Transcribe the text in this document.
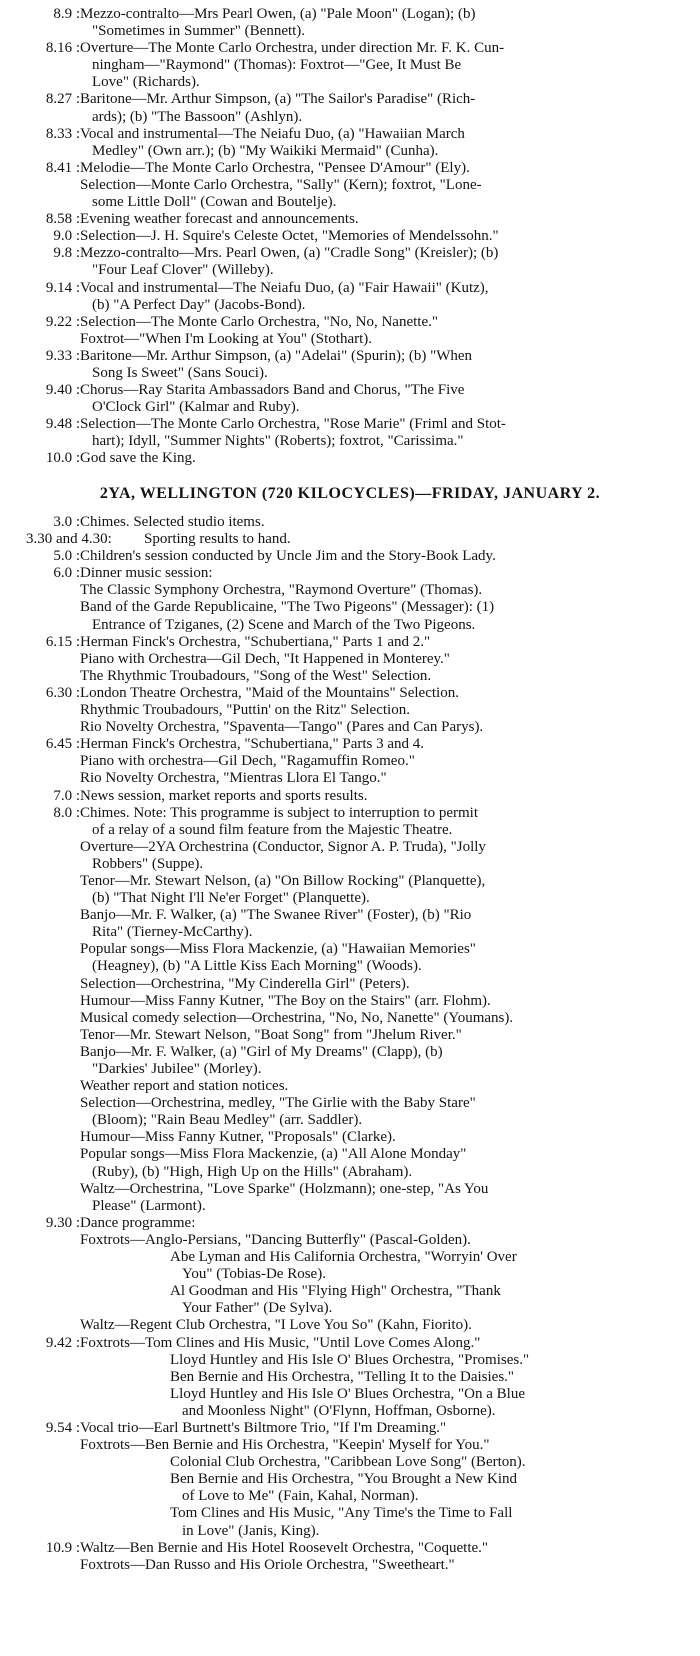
8.9 : Mezzo-contralto—Mrs Pearl Owen, (a) "Pale Moon" (Logan); (b)
"Sometimes in Summer" (Bennett).
8.16 : Overture—The Monte Carlo Orchestra, under direction Mr. F. K. Cun-
ningham—"Raymond" (Thomas): Foxtrot—"Gee, It Must Be
Love" (Richards).
8.27 : Baritone—Mr. Arthur Simpson, (a) "The Sailor's Paradise" (Rich-
ards); (b) "The Bassoon" (Ashlyn).
8.33 : Vocal and instrumental—The Neiafu Duo, (a) "Hawaiian March
Medley" (Own arr.); (b) "My Waikiki Mermaid" (Cunha).
8.41 : Melodie—The Monte Carlo Orchestra, "Pensee D'Amour" (Ely).
Selection—Monte Carlo Orchestra, "Sally" (Kern); foxtrot, "Lone-
some Little Doll" (Cowan and Boutelje).
8.58 : Evening weather forecast and announcements.
9.0 : Selection—J. H. Squire's Celeste Octet, "Memories of Mendelssohn."
9.8 : Mezzo-contralto—Mrs. Pearl Owen, (a) "Cradle Song" (Kreisler); (b)
"Four Leaf Clover" (Willeby).
9.14 : Vocal and instrumental—The Neiafu Duo, (a) "Fair Hawaii" (Kutz),
(b) "A Perfect Day" (Jacobs-Bond).
9.22 : Selection—The Monte Carlo Orchestra, "No, No, Nanette."
Foxtrot—"When I'm Looking at You" (Stothart).
9.33 : Baritone—Mr. Arthur Simpson, (a) "Adelai" (Spurin); (b) "When
Song Is Sweet" (Sans Souci).
9.40 : Chorus—Ray Starita Ambassadors Band and Chorus, "The Five
O'Clock Girl" (Kalmar and Ruby).
9.48 : Selection—The Monte Carlo Orchestra, "Rose Marie" (Friml and Stot-
hart); Idyll, "Summer Nights" (Roberts); foxtrot, "Carissima."
10.0 : God save the King.
2YA, WELLINGTON (720 KILOCYCLES)—FRIDAY, JANUARY 2.
3.0 : Chimes. Selected studio items.
3.30 and 4.30:	Sporting results to hand.
5.0 : Children's session conducted by Uncle Jim and the Story-Book Lady.
6.0 : Dinner music session:
The Classic Symphony Orchestra, "Raymond Overture" (Thomas).
Band of the Garde Republicaine, "The Two Pigeons" (Messager): (1)
Entrance of Tziganes, (2) Scene and March of the Two Pigeons.
6.15 : Herman Finck's Orchestra, "Schubertiana," Parts 1 and 2."
Piano with Orchestra—Gil Dech, "It Happened in Monterey."
The Rhythmic Troubadours, "Song of the West" Selection.
6.30 : London Theatre Orchestra, "Maid of the Mountains" Selection.
Rhythmic Troubadours, "Puttin' on the Ritz" Selection.
Rio Novelty Orchestra, "Spaventa—Tango" (Pares and Can Parys).
6.45 : Herman Finck's Orchestra, "Schubertiana," Parts 3 and 4.
Piano with orchestra—Gil Dech, "Ragamuffin Romeo."
Rio Novelty Orchestra, "Mientras Llora El Tango."
7.0 : News session, market reports and sports results.
8.0 : Chimes. Note: This programme is subject to interruption to permit
of a relay of a sound film feature from the Majestic Theatre.
Overture—2YA Orchestrina (Conductor, Signor A. P. Truda), "Jolly
Robbers" (Suppe).
Tenor—Mr. Stewart Nelson, (a) "On Billow Rocking" (Planquette),
(b) "That Night I'll Ne'er Forget" (Planquette).
Banjo—Mr. F. Walker, (a) "The Swanee River" (Foster), (b) "Rio
Rita" (Tierney-McCarthy).
Popular songs—Miss Flora Mackenzie, (a) "Hawaiian Memories"
(Heagney), (b) "A Little Kiss Each Morning" (Woods).
Selection—Orchestrina, "My Cinderella Girl" (Peters).
Humour—Miss Fanny Kutner, "The Boy on the Stairs" (arr. Flohm).
Musical comedy selection—Orchestrina, "No, No, Nanette" (Youmans).
Tenor—Mr. Stewart Nelson, "Boat Song" from "Jhelum River."
Banjo—Mr. F. Walker, (a) "Girl of My Dreams" (Clapp), (b)
"Darkies' Jubilee" (Morley).
Weather report and station notices.
Selection—Orchestrina, medley, "The Girlie with the Baby Stare"
(Bloom); "Rain Beau Medley" (arr. Saddler).
Humour—Miss Fanny Kutner, "Proposals" (Clarke).
Popular songs—Miss Flora Mackenzie, (a) "All Alone Monday"
(Ruby), (b) "High, High Up on the Hills" (Abraham).
Waltz—Orchestrina, "Love Sparke" (Holzmann); one-step, "As You
Please" (Larmont).
9.30 : Dance programme:
Foxtrots—Anglo-Persians, "Dancing Butterfly" (Pascal-Golden).
Abe Lyman and His California Orchestra, "Worryin' Over
You" (Tobias-De Rose).
Al Goodman and His "Flying High" Orchestra, "Thank
Your Father" (De Sylva).
Waltz—Regent Club Orchestra, "I Love You So" (Kahn, Fiorito).
9.42 : Foxtrots—Tom Clines and His Music, "Until Love Comes Along."
Lloyd Huntley and His Isle O' Blues Orchestra, "Promises."
Ben Bernie and His Orchestra, "Telling It to the Daisies."
Lloyd Huntley and His Isle O' Blues Orchestra, "On a Blue
and Moonless Night" (O'Flynn, Hoffman, Osborne).
9.54 : Vocal trio—Earl Burtnett's Biltmore Trio, "If I'm Dreaming."
Foxtrots—Ben Bernie and His Orchestra, "Keepin' Myself for You."
Colonial Club Orchestra, "Caribbean Love Song" (Berton).
Ben Bernie and His Orchestra, "You Brought a New Kind
of Love to Me" (Fain, Kahal, Norman).
Tom Clines and His Music, "Any Time's the Time to Fall
in Love" (Janis, King).
10.9 : Waltz—Ben Bernie and His Hotel Roosevelt Orchestra, "Coquette."
Foxtrots—Dan Russo and His Oriole Orchestra, "Sweetheart."
